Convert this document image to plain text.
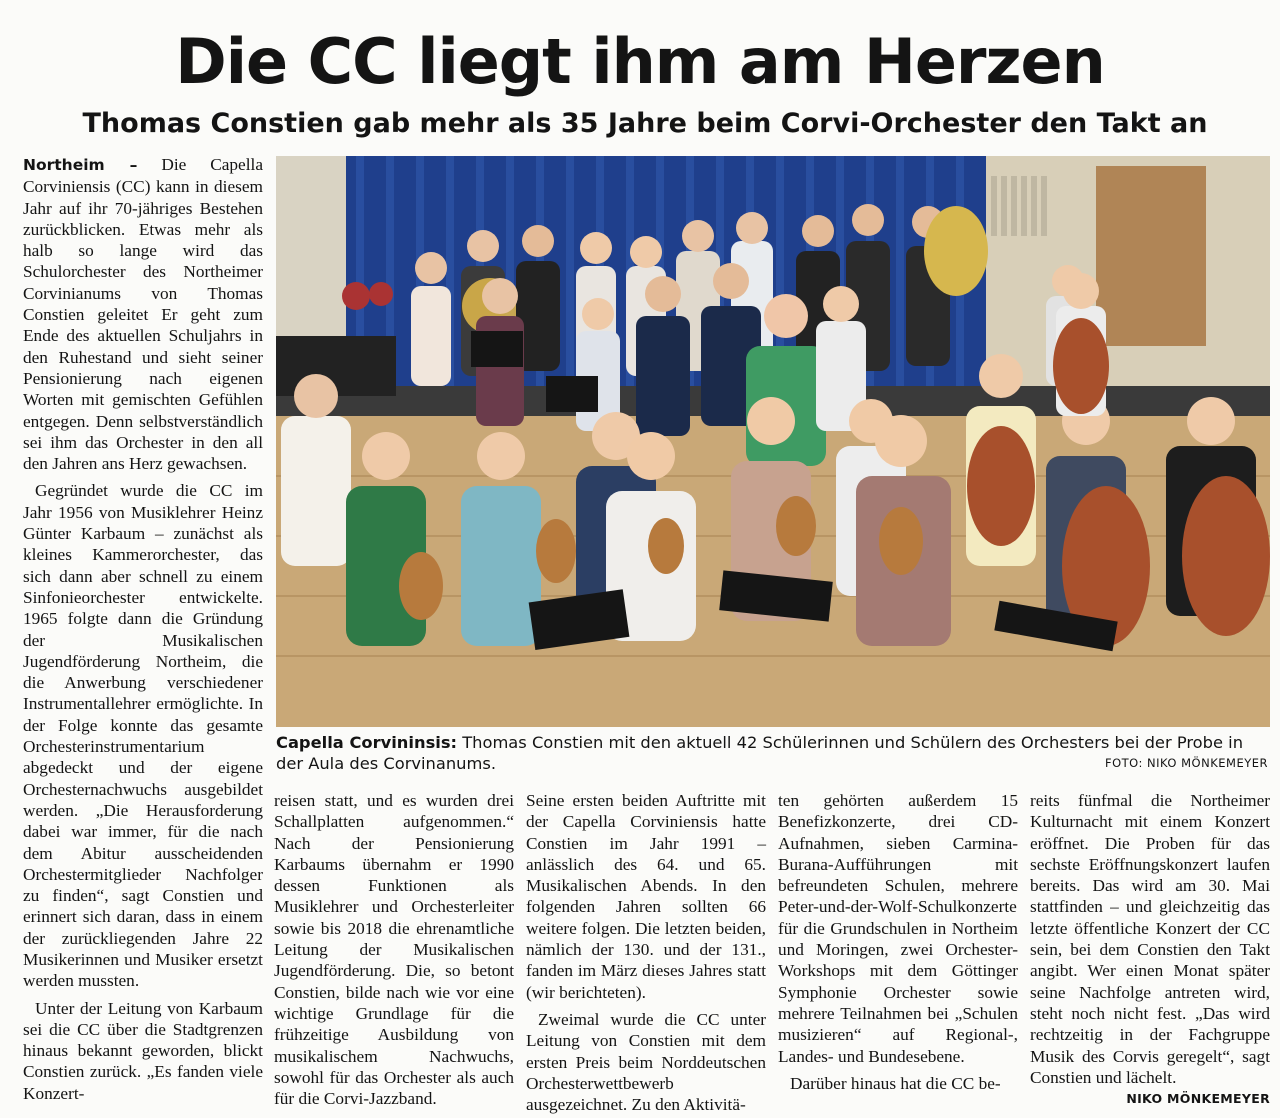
Die CC liegt ihm am Herzen
Thomas Constien gab mehr als 35 Jahre beim Corvi-Orchester den Takt an

Northeim – Die Capella Corviniensis (CC) kann in diesem Jahr auf ihr 70-jähriges Bestehen zurückblicken. Etwas mehr als halb so lange wird das Schulorchester des Northeimer Corvinianums von Thomas Constien geleitet Er geht zum Ende des aktuellen Schuljahrs in den Ruhestand und sieht seiner Pensionierung nach eigenen Worten mit gemischten Gefühlen entgegen. Denn selbstverständlich sei ihm das Orchester in den all den Jahren ans Herz gewachsen.

Gegründet wurde die CC im Jahr 1956 von Musiklehrer Heinz Günter Karbaum – zunächst als kleines Kammerorchester, das sich dann aber schnell zu einem Sinfonieorchester entwickelte. 1965 folgte dann die Gründung der Musikalischen Jugendförderung Northeim, die die Anwerbung verschiedener Instrumentallehrer ermöglichte. In der Folge konnte das gesamte Orchesterinstrumentarium abgedeckt und der eigene Orchesternachwuchs ausgebildet werden. „Die Herausforderung dabei war immer, für die nach dem Abitur ausscheidenden Orchestermitglieder Nachfolger zu finden“, sagt Constien und erinnert sich daran, dass in einem der zurückliegenden Jahre 22 Musikerinnen und Musiker ersetzt werden mussten.

Unter der Leitung von Karbaum sei die CC über die Stadtgrenzen hinaus bekannt geworden, blickt Constien zurück. „Es fanden viele Konzert-

Capella Corvininsis: Thomas Constien mit den aktuell 42 Schülerinnen und Schülern des Orchesters bei der Probe in der Aula des Corvinanums.	FOTO: NIKO MÖNKEMEYER

reisen statt, und es wurden drei Schallplatten aufgenommen.“ Nach der Pensionierung Karbaums übernahm er 1990 dessen Funktionen als Musiklehrer und Orchesterleiter sowie bis 2018 die ehrenamtliche Leitung der Musikalischen Jugendförderung. Die, so betont Constien, bilde nach wie vor eine wichtige Grundlage für die frühzeitige Ausbildung von musikalischem Nachwuchs, sowohl für das Orchester als auch für die Corvi-Jazzband.

Seine ersten beiden Auftritte mit der Capella Corviniensis hatte Constien im Jahr 1991 – anlässlich des 64. und 65. Musikalischen Abends. In den folgenden Jahren sollten 66 weitere folgen. Die letzten beiden, nämlich der 130. und der 131., fanden im März dieses Jahres statt (wir berichteten).

Zweimal wurde die CC unter Leitung von Constien mit dem ersten Preis beim Norddeutschen Orchesterwettbewerb ausgezeichnet. Zu den Aktivitä-

ten gehörten außerdem 15 Benefizkonzerte, drei CD-Aufnahmen, sieben Carmina-Burana-Aufführungen mit befreundeten Schulen, mehrere Peter-und-der-Wolf-Schulkonzerte für die Grundschulen in Northeim und Moringen, zwei Orchester-Workshops mit dem Göttinger Symphonie Orchester sowie mehrere Teilnahmen bei „Schulen musizieren“ auf Regional-, Landes- und Bundesebene.

Darüber hinaus hat die CC be-

reits fünfmal die Northeimer Kulturnacht mit einem Konzert eröffnet. Die Proben für das sechste Eröffnungskonzert laufen bereits. Das wird am 30. Mai stattfinden – und gleichzeitig das letzte öffentliche Konzert der CC sein, bei dem Constien den Takt angibt. Wer einen Monat später seine Nachfolge antreten wird, steht noch nicht fest. „Das wird rechtzeitig in der Fachgruppe Musik des Corvis geregelt“, sagt Constien und lächelt.
NIKO MÖNKEMEYER
